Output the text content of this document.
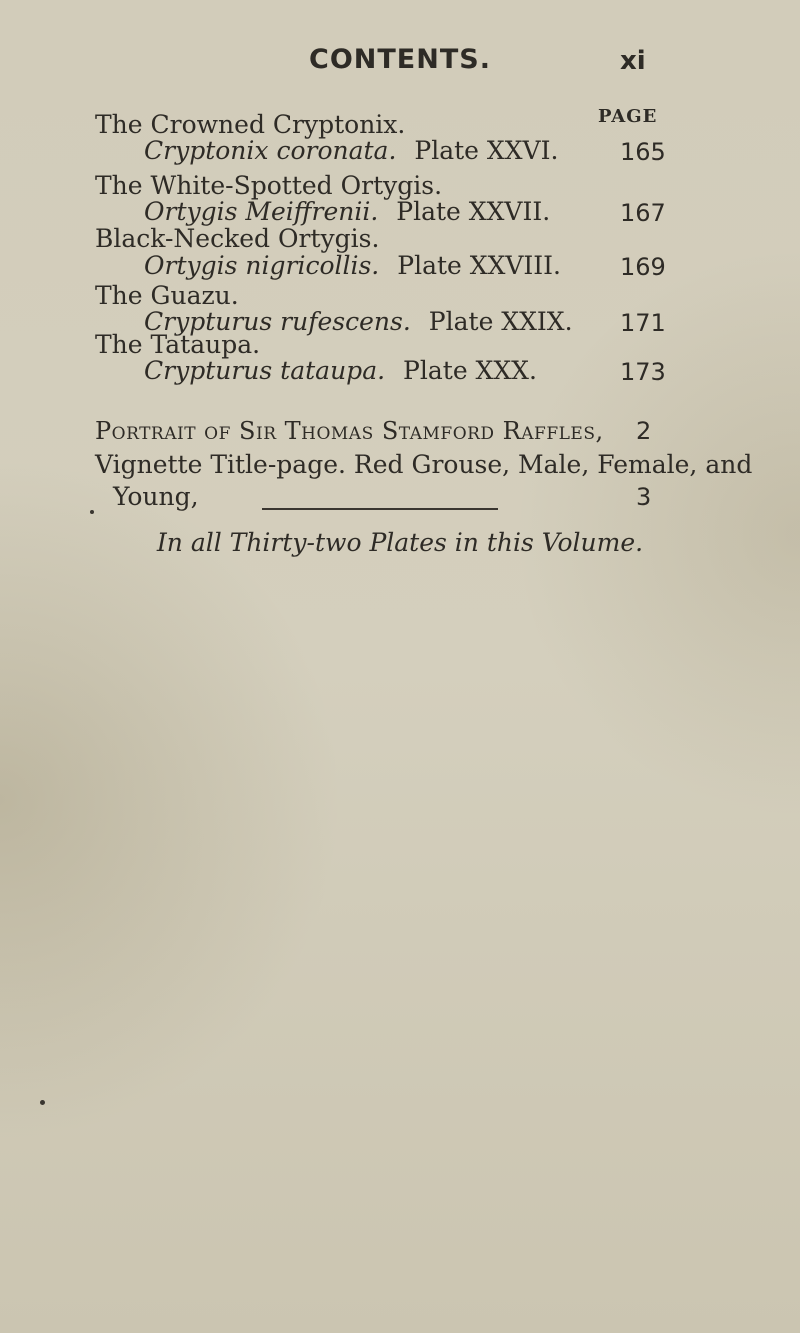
CONTENTS.	xi
PAGE
Portrait of Sir Thomas Stamford Raffles, 2
Vignette Title-page. Red Grouse, Male, Female, and
Young,	3
In all Thirty-two Plates in this Volume.
The Crowned Cryptonix.
Cryptonix coronata. Plate XXVI.	165
The White-Spotted Ortygis.
Ortygis Meiffrenii. Plate XXVII.	167
Black-Necked Ortygis.
Ortygis nigricollis. Plate XXVIII. 169
The Guazu.
Crypturus rufescens. Plate XXIX. 171
The Tataupa.
Crypturus tataupa. Plate XXX.	173
